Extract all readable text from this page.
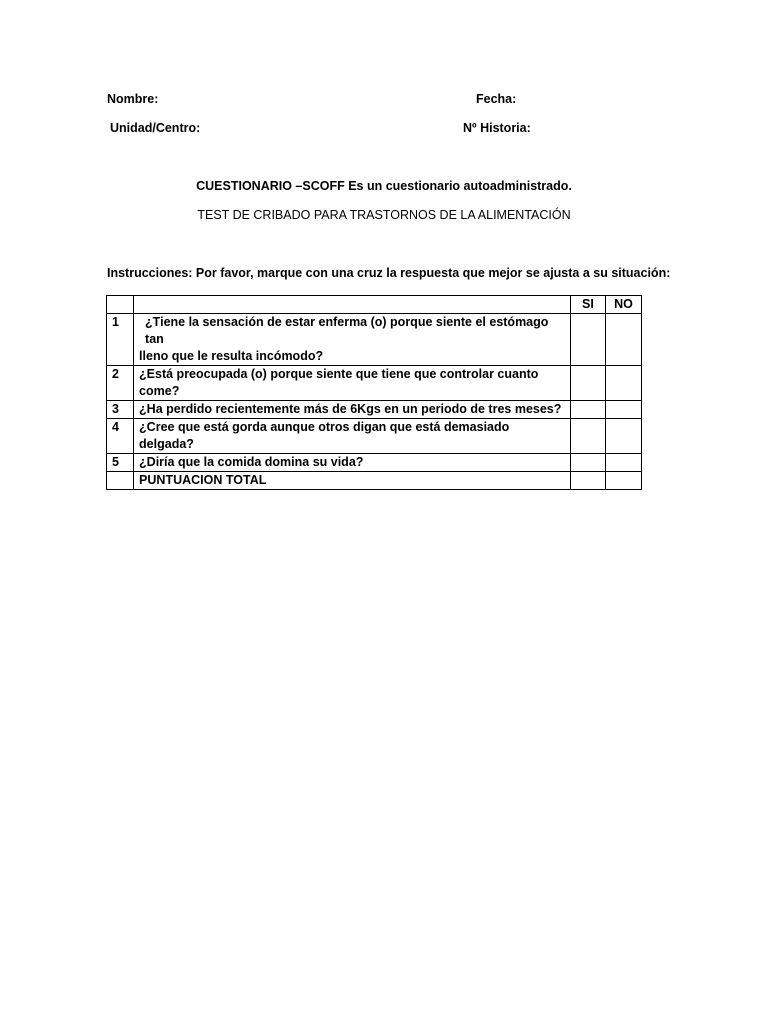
Nombre:	Fecha:
Unidad/Centro:	Nº Historia:
CUESTIONARIO –SCOFF Es un cuestionario autoadministrado.
TEST DE CRIBADO PARA TRASTORNOS DE LA ALIMENTACIÓN
Instrucciones: Por favor, marque con una cruz la respuesta que mejor se ajusta a su situación:
		SI	NO
1	¿Tiene la sensación de estar enferma (o) porque siente el estómago tan
lleno que le resulta incómodo?		
2	¿Está preocupada (o) porque siente que tiene que controlar cuanto come?		
3	¿Ha perdido recientemente más de 6Kgs en un periodo de tres meses?		
4	¿Cree que está gorda aunque otros digan que está demasiado delgada?		
5	¿Diría que la comida domina su vida?		
	PUNTUACION TOTAL		
